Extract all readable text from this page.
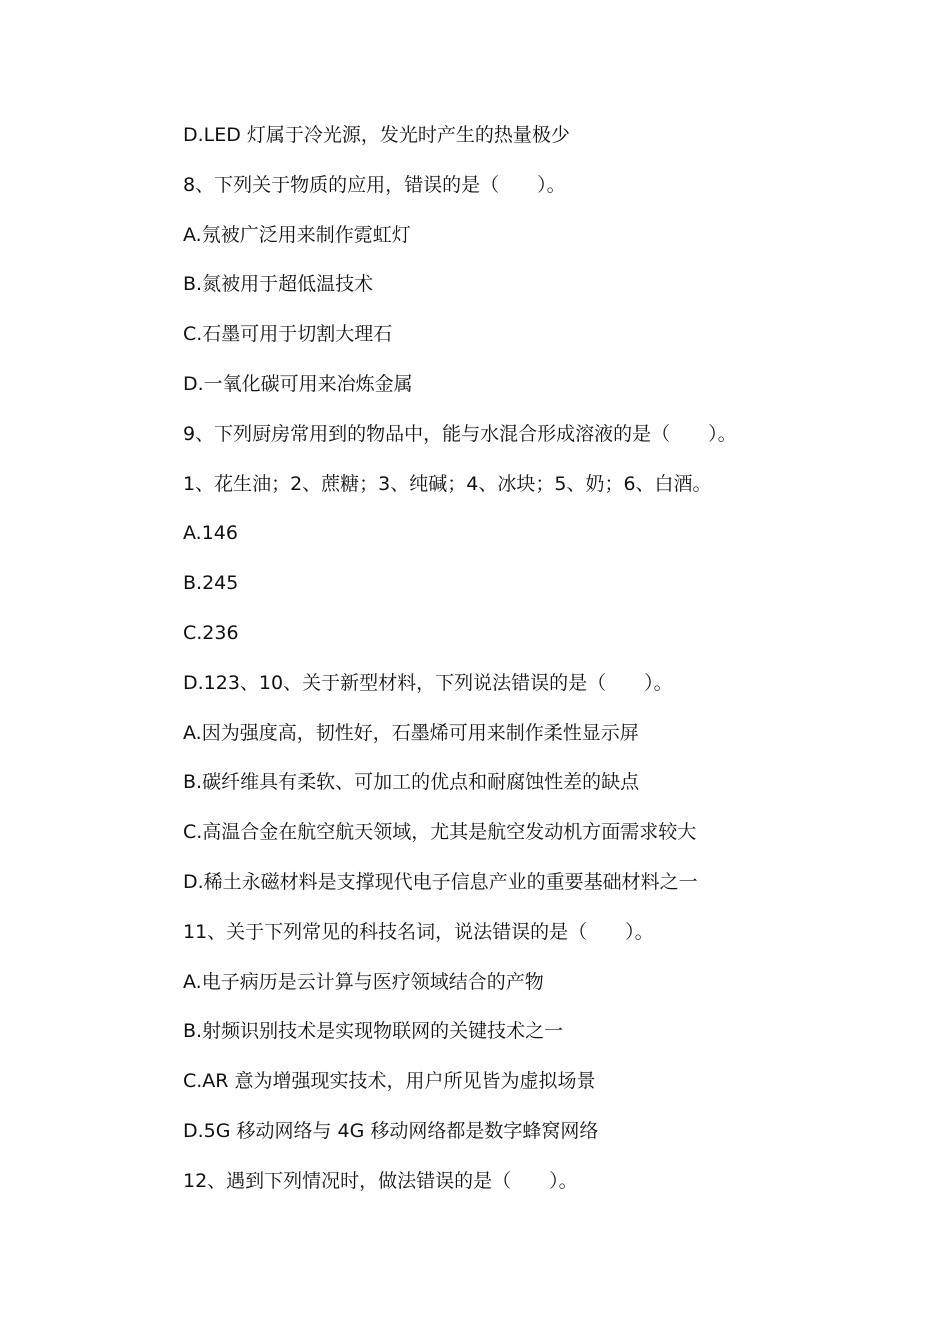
D.LED 灯属于冷光源，发光时产生的热量极少
8、下列关于物质的应用，错误的是（　　）。
A.氖被广泛用来制作霓虹灯
B.氮被用于超低温技术
C.石墨可用于切割大理石
D.一氧化碳可用来冶炼金属
9、下列厨房常用到的物品中，能与水混合形成溶液的是（　　）。
1、花生油；2、蔗糖；3、纯碱；4、冰块；5、奶；6、白酒。
A.146
B.245
C.236
D.123、10、关于新型材料，下列说法错误的是（　　）。
A.因为强度高，韧性好，石墨烯可用来制作柔性显示屏
B.碳纤维具有柔软、可加工的优点和耐腐蚀性差的缺点
C.高温合金在航空航天领域，尤其是航空发动机方面需求较大
D.稀土永磁材料是支撑现代电子信息产业的重要基础材料之一
11、关于下列常见的科技名词，说法错误的是（　　）。
A.电子病历是云计算与医疗领域结合的产物
B.射频识别技术是实现物联网的关键技术之一
C.AR 意为增强现实技术，用户所见皆为虚拟场景
D.5G 移动网络与 4G 移动网络都是数字蜂窝网络
12、遇到下列情况时，做法错误的是（　　）。
